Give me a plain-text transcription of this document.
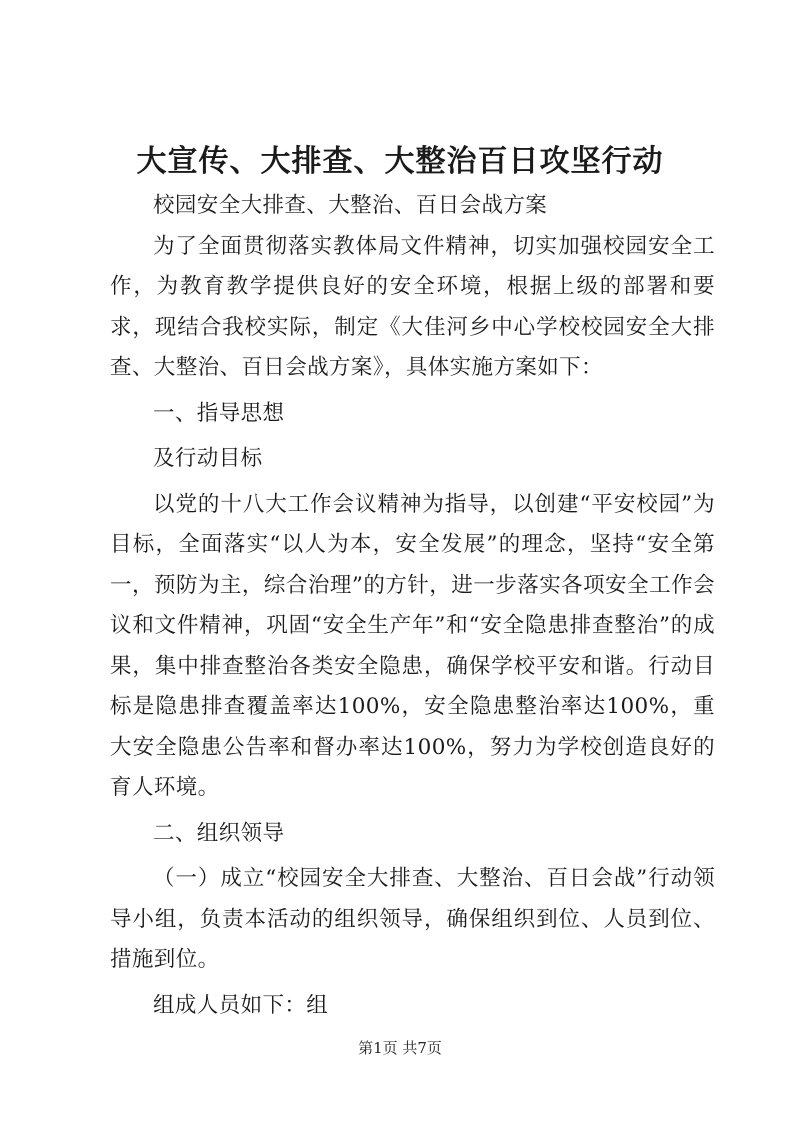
大宣传、大排查、大整治百日攻坚行动

校园安全大排查、大整治、百日会战方案

为了全面贯彻落实教体局文件精神，切实加强校园安全工作，为教育教学提供良好的安全环境，根据上级的部署和要求，现结合我校实际，制定《大佳河乡中心学校校园安全大排查、大整治、百日会战方案》，具体实施方案如下：

一、指导思想

及行动目标

以党的十八大工作会议精神为指导，以创建“平安校园”为目标，全面落实“以人为本，安全发展”的理念，坚持“安全第一，预防为主，综合治理”的方针，进一步落实各项安全工作会议和文件精神，巩固“安全生产年”和“安全隐患排查整治”的成果，集中排查整治各类安全隐患，确保学校平安和谐。行动目标是隐患排查覆盖率达100%，安全隐患整治率达100%，重大安全隐患公告率和督办率达100%，努力为学校创造良好的育人环境。

二、组织领导

（一）成立“校园安全大排查、大整治、百日会战”行动领导小组，负责本活动的组织领导，确保组织到位、人员到位、措施到位。

组成人员如下：组

第1页 共7页
